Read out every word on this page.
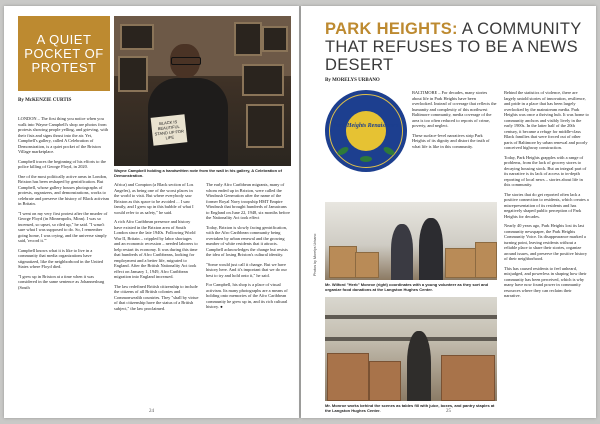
A QUIET POCKET OF PROTEST
By McKENZIE CURTIS

LONDON – The first thing you notice when you walk into Wayne Campbell's shop are photos from protests showing people yelling, and grieving, with their fists and signs thrust into the air. Yet, Campbell's gallery, called A Celebration of Demonstration, is a quiet pocket of the Brixton Village marketplace.

Campbell traces the beginning of his efforts to the police killing of George Floyd, in 2020.

One of the most politically active areas in London, Brixton has been reshaped by gentrification. But Campbell, whose gallery houses photographs of protests, organizers, and demonstrations, works to celebrate and preserve the history of Black activism in Britain.

"I went on my very first protest after the murder of George Floyd (in Minneapolis, Minn). I was so incensed, so upset, so riled up," he said. "I wasn't sure what I was supposed to do. So, I remember going home, I was crying, and the universe simply said, 'record it.'"

Campbell knows what it is like to live in a community that media organizations have stigmatized, like the neighborhood in the United States where Floyd died.

"I grew up in Brixton at a time when it was considered in the same sentence as Johannesburg (South

BLACK IS BEAUTIFUL STAND UP FOR LIFE
Wayne Campbell holding a handwritten note from the wall in his gallery, A Celebration of Demonstration.

Africa) and Compton (a Black section of Los Angeles), as being one of the worst places in the world to visit. But where everybody saw Brixton as this space to be avoided ... I saw family, and I grew up in this bubble of what I would refer to as safety," he said.

A rich Afro Caribbean presence and history have existed in the Brixton area of South London since the late 1940s. Following World War II, Britain – crippled by labor shortages and an economic recession – needed laborers to help restart its economy. It was during this time that hundreds of Afro Caribbeans, looking for employment and a better life, migrated to England. After the British Nationality Act took effect on January 1, 1949, Afro Caribbean migration into England increased.

The law redefined British citizenship to include the citizens of all British colonies and Commonwealth countries. They "shall by virtue of that citizenship have the status of a British subject," the law proclaimed.

The early Afro Caribbean migrants, many of whom ended up in Brixton, were called the Windrush Generation after the name of the former Royal Navy troopship HMT Empire Windrush that brought hundreds of Jamaicans to England on June 22, 1948, six months before the Nationality Act took effect

Today, Brixton is slowly facing gentrification, with the Afro Caribbean community being overtaken by urban renewal and the growing number of white residents that it attracts. Campbell acknowledges the change but resists the idea of losing Brixton's cultural identity.

"Some would just call it change. But we have history here. And it's important that we do our best to try and hold onto it," he said.

For Campbell, his shop is a place of visual activism. Its many photographs are a means of holding onto memories of the Afro Caribbean community he grew up in, and its rich cultural history. ●

24
PARK HEIGHTS: A COMMUNITY THAT REFUSES TO BE A NEWS DESERT
By MORELYS URBANO
Park Heights Renaissance

BALTIMORE – For decades, many stories about life in Park Heights have been overlooked. Instead of coverage that reflects the humanity and complexity of this northwest Baltimore community, media coverage of the area is too often reduced to reports of crime, poverty, and neglect.

These surface-level narratives strip Park Heights of its dignity and distort the truth of what life is like in this community.

Behind the statistics of violence, there are largely untold stories of innovation, resilience, and pride in a place that has been largely overlooked by the mainstream media. Park Heights was once a thriving hub. It was home to community anchors and visibly lively in the early 1900s. In the latter half of the 20th century, it became a refuge for middle-class Black families that were forced out of other parts of Baltimore by urban renewal and poorly conceived highway construction.

Today, Park Heights grapples with a range of problems, from the lack of grocery stores to decaying housing stock. But an integral part of its narrative is its lack of access to in-depth reporting of local news – stories about life in this community.

The stories that do get reported often lack a positive connection to residents, which creates a misrepresentation of its residents and has negatively shaped public perception of Park Heights for decades.

Nearly 40 years ago, Park Heights lost its last community newspaper, the Park Heights Community Voice. Its disappearance marked a turning point, leaving residents without a reliable place to share their stories, organize around issues, and preserve the positive history of their neighborhood.

This has caused residents to feel unheard, misjudged, and powerless in shaping how their community has been perceived, which is why many have now found power in community resources where they can reclaim their narrative.

Photos by Morelys Urbano
Mr. Wilford "Herb" Monroe (right) coordinates with a young volunteer as they sort and organize food donations at the Langston Hughes Center.
Mr. Monroe works behind the scenes as tables fill with juice, boxes, and pantry staples at the Langston Hughes Center.	25
